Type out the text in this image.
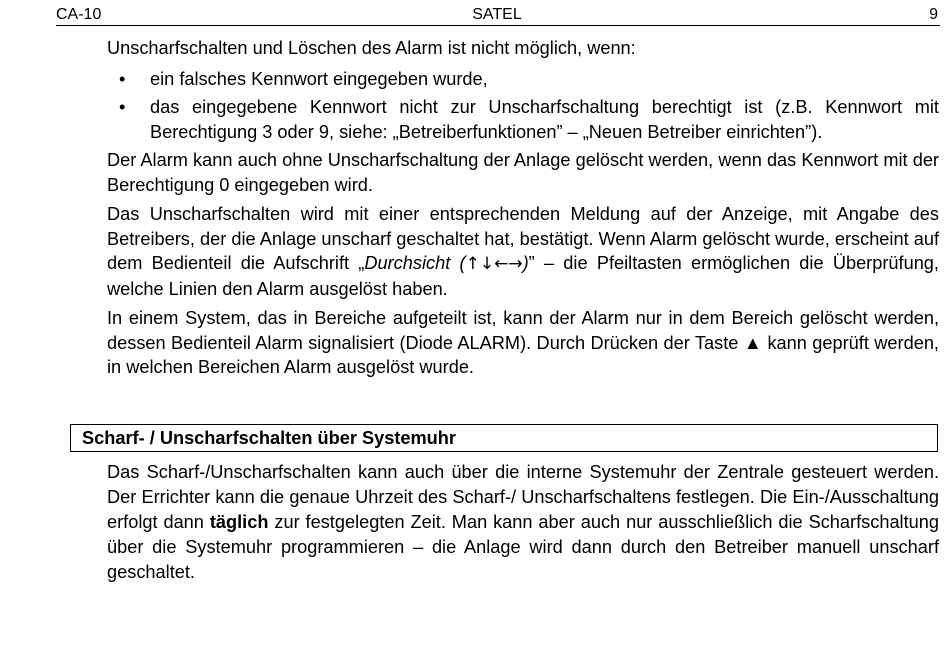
CA-10	SATEL	9

Unscharfschalten und Löschen des Alarm ist nicht möglich, wenn:

• ein falsches Kennwort eingegeben wurde,
• das eingegebene Kennwort nicht zur Unscharfschaltung berechtigt ist (z.B. Kennwort mit Berechtigung 3 oder 9, siehe: „Betreiberfunktionen” – „Neuen Betreiber einrichten”).

Der Alarm kann auch ohne Unscharfschaltung der Anlage gelöscht werden, wenn das Kennwort mit der Berechtigung 0 eingegeben wird.

Das Unscharfschalten wird mit einer entsprechenden Meldung auf der Anzeige, mit Angabe des Betreibers, der die Anlage unscharf geschaltet hat, bestätigt. Wenn Alarm gelöscht wurde, erscheint auf dem Bedienteil die Aufschrift „Durchsicht (↑↓←→)” – die Pfeiltasten ermöglichen die Überprüfung, welche Linien den Alarm ausgelöst haben.

In einem System, das in Bereiche aufgeteilt ist, kann der Alarm nur in dem Bereich gelöscht werden, dessen Bedienteil Alarm signalisiert (Diode ALARM). Durch Drücken der Taste ▲ kann geprüft werden, in welchen Bereichen Alarm ausgelöst wurde.

Scharf- / Unscharfschalten über Systemuhr

Das Scharf-/Unscharfschalten kann auch über die interne Systemuhr der Zentrale gesteuert werden. Der Errichter kann die genaue Uhrzeit des Scharf-/ Unscharfschaltens festlegen. Die Ein-/Ausschaltung erfolgt dann täglich zur festgelegten Zeit. Man kann aber auch nur ausschließlich die Scharfschaltung über die Systemuhr programmieren – die Anlage wird dann durch den Betreiber manuell unscharf geschaltet.
